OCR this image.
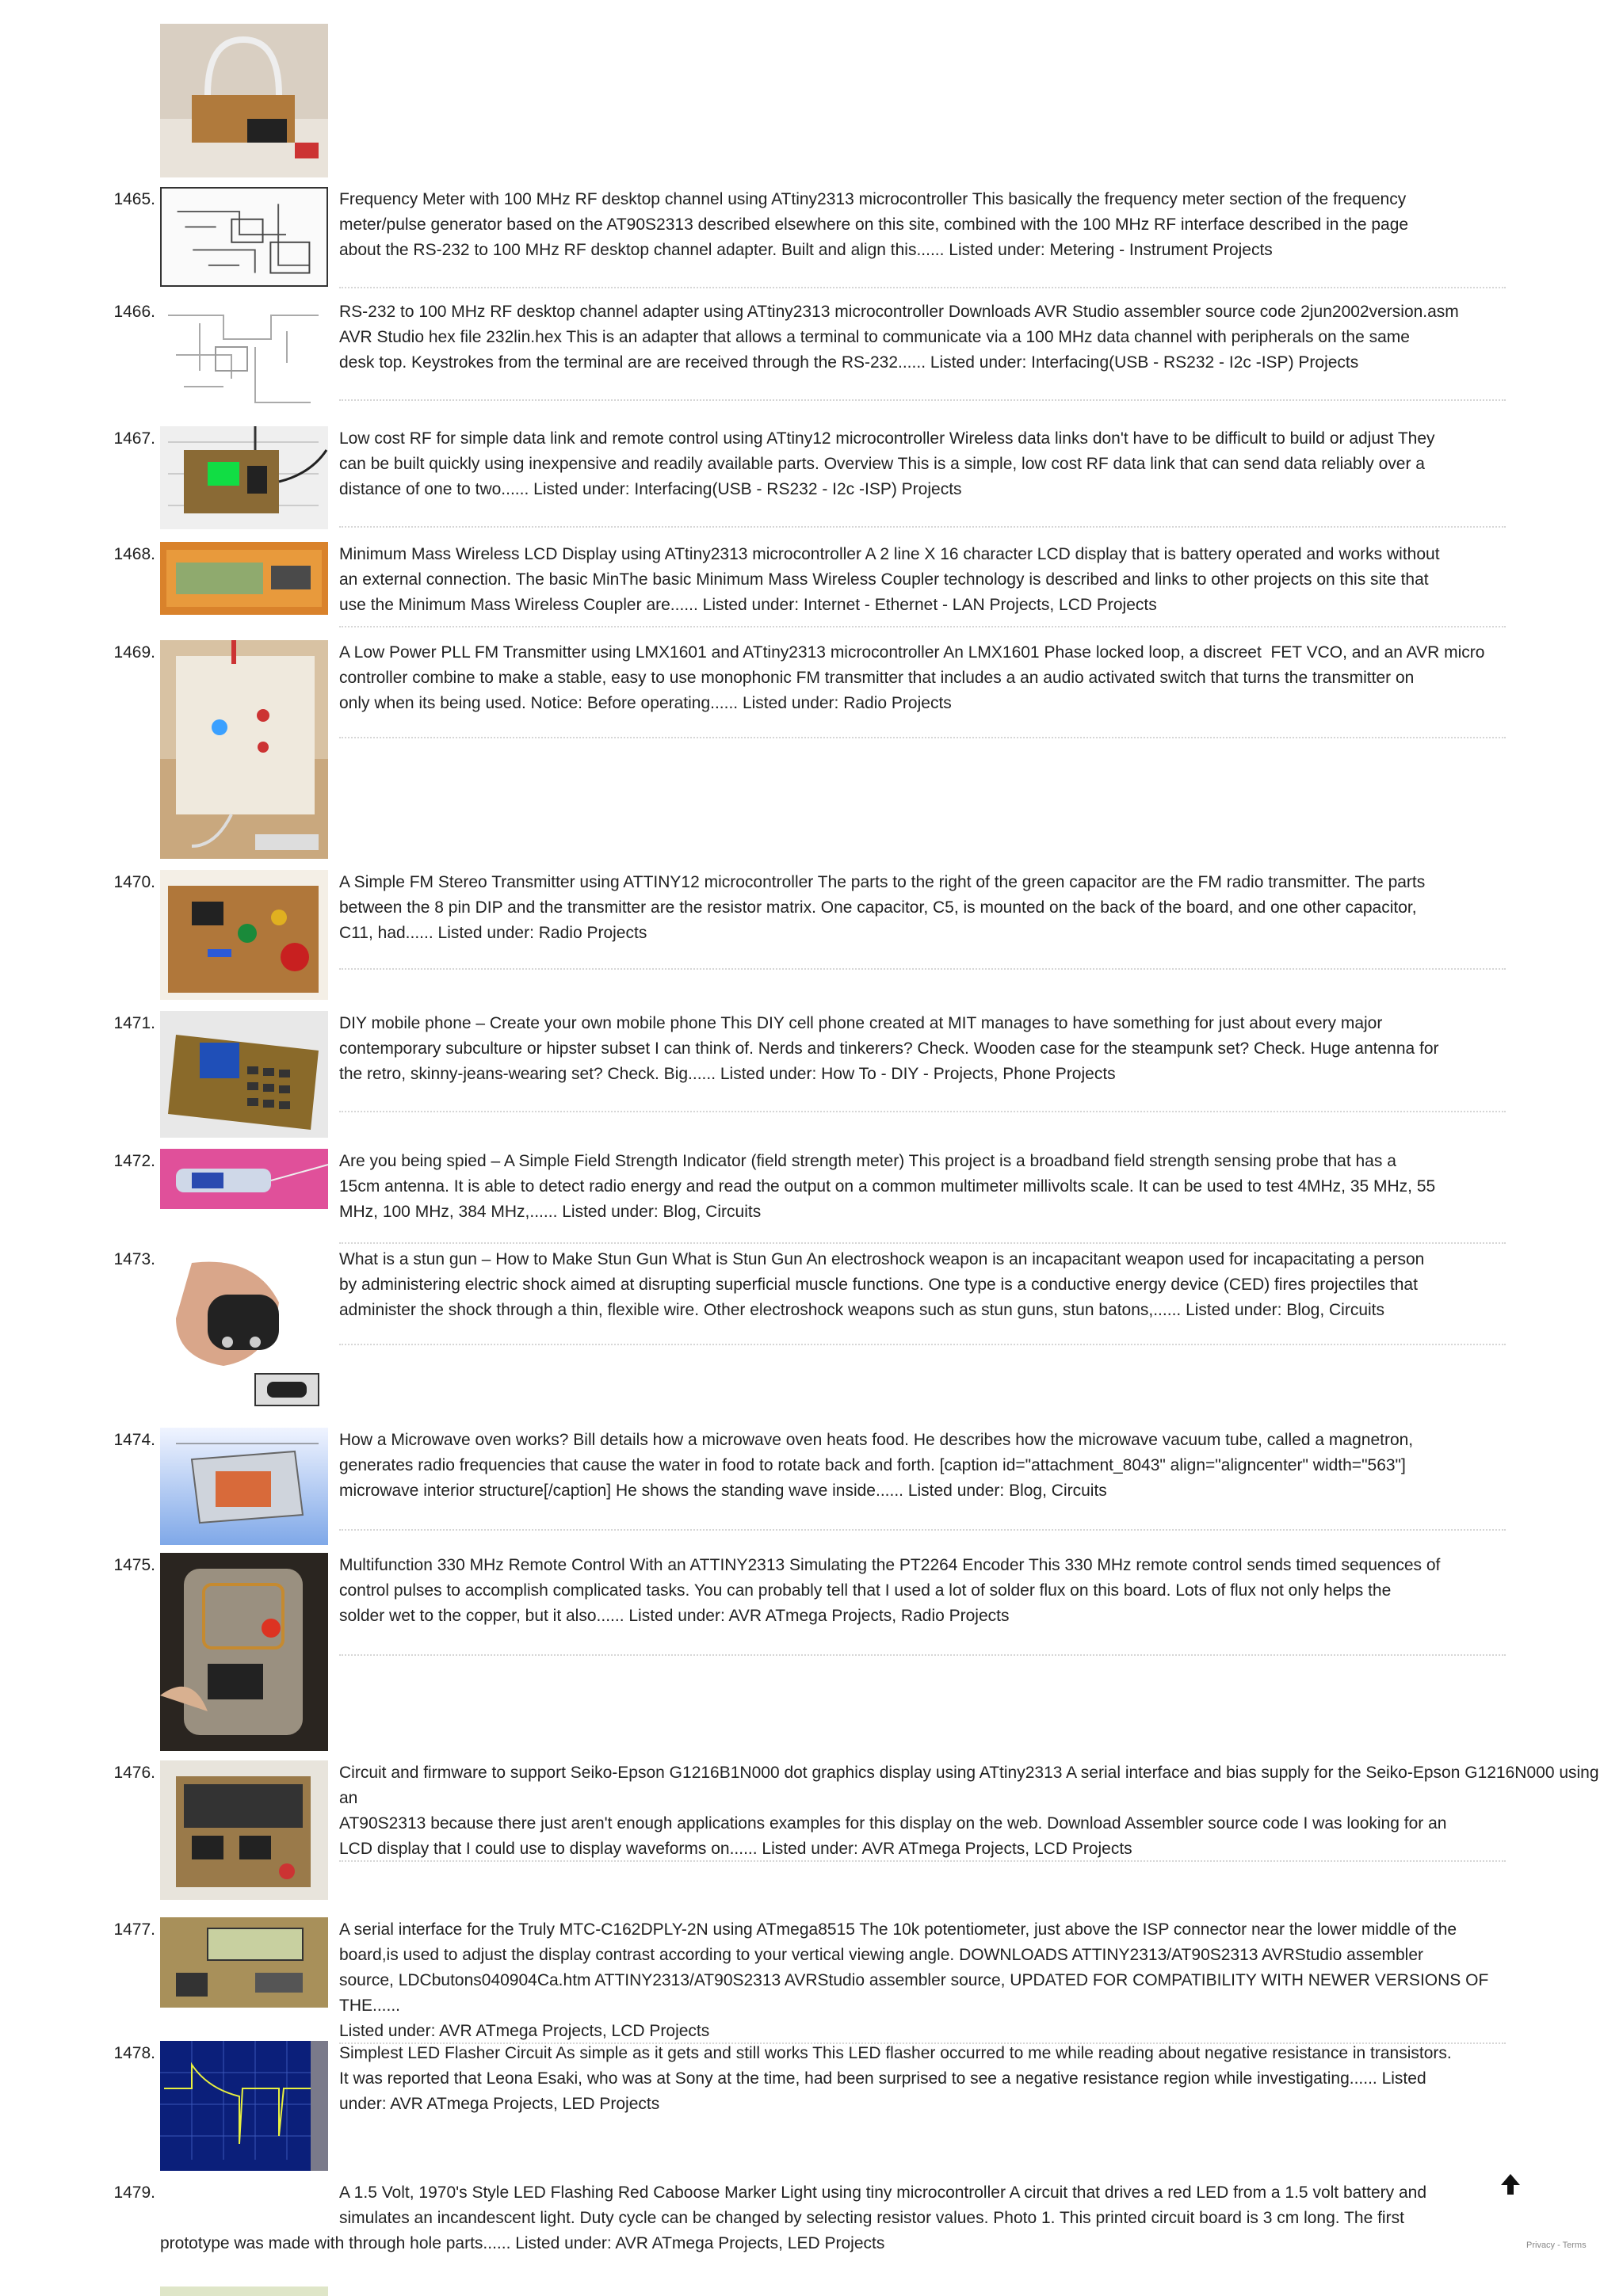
1465.	Frequency Meter with 100 MHz RF desktop channel using ATtiny2313 microcontroller This basically the frequency meter section of the frequency
meter/pulse generator based on the AT90S2313 described elsewhere on this site, combined with the 100 MHz RF interface described in the page
about the RS-232 to 100 MHz RF desktop channel adapter. Built and align this...... Listed under: Metering - Instrument Projects
1466.	RS-232 to 100 MHz RF desktop channel adapter using ATtiny2313 microcontroller Downloads AVR Studio assembler source code 2jun2002version.asm
AVR Studio hex file 232lin.hex This is an adapter that allows a terminal to communicate via a 100 MHz data channel with peripherals on the same
desk top. Keystrokes from the terminal are are received through the RS-232...... Listed under: Interfacing(USB - RS232 - I2c -ISP) Projects
1467.	Low cost RF for simple data link and remote control using ATtiny12 microcontroller Wireless data links don't have to be difficult to build or adjust They
can be built quickly using inexpensive and readily available parts. Overview This is a simple, low cost RF data link that can send data reliably over a
distance of one to two...... Listed under: Interfacing(USB - RS232 - I2c -ISP) Projects
1468.	Minimum Mass Wireless LCD Display using ATtiny2313 microcontroller A 2 line X 16 character LCD display that is battery operated and works without
an external connection. The basic MinThe basic Minimum Mass Wireless Coupler technology is described and links to other projects on this site that
use the Minimum Mass Wireless Coupler are...... Listed under: Internet - Ethernet - LAN Projects, LCD Projects
1469.	A Low Power PLL FM Transmitter using LMX1601 and ATtiny2313 microcontroller An LMX1601 Phase locked loop, a discreet  FET VCO, and an AVR micro
controller combine to make a stable, easy to use monophonic FM transmitter that includes a an audio activated switch that turns the transmitter on
only when its being used. Notice: Before operating...... Listed under: Radio Projects
1470.	A Simple FM Stereo Transmitter using ATTINY12 microcontroller The parts to the right of the green capacitor are the FM radio transmitter. The parts
between the 8 pin DIP and the transmitter are the resistor matrix. One capacitor, C5, is mounted on the back of the board, and one other capacitor,
C11, had...... Listed under: Radio Projects
1471.	DIY mobile phone – Create your own mobile phone This DIY cell phone created at MIT manages to have something for just about every major
contemporary subculture or hipster subset I can think of. Nerds and tinkerers? Check. Wooden case for the steampunk set? Check. Huge antenna for
the retro, skinny-jeans-wearing set? Check. Big...... Listed under: How To - DIY - Projects, Phone Projects
1472.	Are you being spied – A Simple Field Strength Indicator (field strength meter) This project is a broadband field strength sensing probe that has a
15cm antenna. It is able to detect radio energy and read the output on a common multimeter millivolts scale. It can be used to test 4MHz, 35 MHz, 55
MHz, 100 MHz, 384 MHz,...... Listed under: Blog, Circuits
1473.	What is a stun gun – How to Make Stun Gun What is Stun Gun An electroshock weapon is an incapacitant weapon used for incapacitating a person
by administering electric shock aimed at disrupting superficial muscle functions. One type is a conductive energy device (CED) fires projectiles that
administer the shock through a thin, flexible wire. Other electroshock weapons such as stun guns, stun batons,...... Listed under: Blog, Circuits
1474.	How a Microwave oven works? Bill details how a microwave oven heats food. He describes how the microwave vacuum tube, called a magnetron,
generates radio frequencies that cause the water in food to rotate back and forth. [caption id="attachment_8043" align="aligncenter" width="563"]
microwave interior structure[/caption] He shows the standing wave inside...... Listed under: Blog, Circuits
1475.	Multifunction 330 MHz Remote Control With an ATTINY2313 Simulating the PT2264 Encoder This 330 MHz remote control sends timed sequences of
control pulses to accomplish complicated tasks. You can probably tell that I used a lot of solder flux on this board. Lots of flux not only helps the
solder wet to the copper, but it also...... Listed under: AVR ATmega Projects, Radio Projects
1476.	Circuit and firmware to support Seiko-Epson G1216B1N000 dot graphics display using ATtiny2313 A serial interface and bias supply for the Seiko-Epson G1216N000 using an
AT90S2313 because there just aren't enough applications examples for this display on the web. Download Assembler source code I was looking for an
LCD display that I could use to display waveforms on...... Listed under: AVR ATmega Projects, LCD Projects
1477.	A serial interface for the Truly MTC-C162DPLY-2N using ATmega8515 The 10k potentiometer, just above the ISP connector near the lower middle of the
board,is used to adjust the display contrast according to your vertical viewing angle. DOWNLOADS ATTINY2313/AT90S2313 AVRStudio assembler
source, LDCbutons040904Ca.htm ATTINY2313/AT90S2313 AVRStudio assembler source, UPDATED FOR COMPATIBILITY WITH NEWER VERSIONS OF THE......
Listed under: AVR ATmega Projects, LCD Projects
1478.	Simplest LED Flasher Circuit As simple as it gets and still works This LED flasher occurred to me while reading about negative resistance in transistors.
It was reported that Leona Esaki, who was at Sony at the time, had been surprised to see a negative resistance region while investigating...... Listed
under: AVR ATmega Projects, LED Projects
1479.	A 1.5 Volt, 1970's Style LED Flashing Red Caboose Marker Light using tiny microcontroller A circuit that drives a red LED from a 1.5 volt battery and
simulates an incandescent light. Duty cycle can be changed by selecting resistor values. Photo 1. This printed circuit board is 3 cm long. The first
prototype was made with through hole parts...... Listed under: AVR ATmega Projects, LED Projects	Privacy - Terms
